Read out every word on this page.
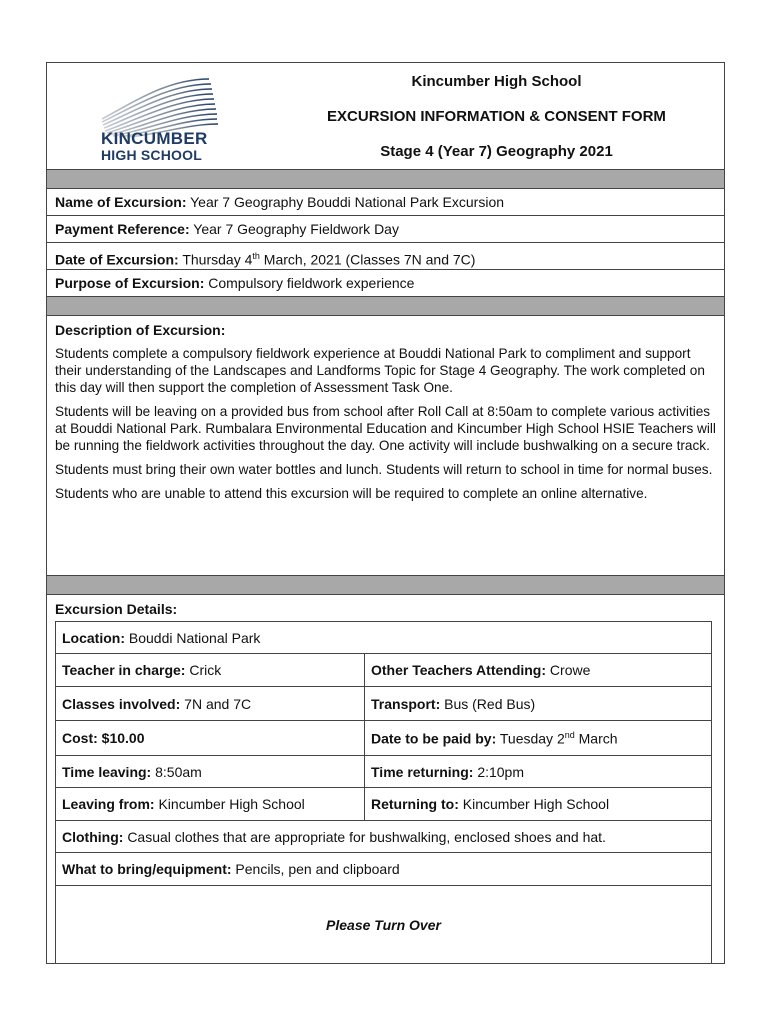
KINCUMBER
HIGH SCHOOL
Kincumber High School
EXCURSION INFORMATION & CONSENT FORM
Stage 4 (Year 7) Geography 2021
Name of Excursion: Year 7 Geography Bouddi National Park Excursion
Payment Reference: Year 7 Geography Fieldwork Day
Date of Excursion: Thursday 4th March, 2021 (Classes 7N and 7C)
Purpose of Excursion: Compulsory fieldwork experience

Description of Excursion:

Students complete a compulsory fieldwork experience at Bouddi National Park to compliment and support their understanding of the Landscapes and Landforms Topic for Stage 4 Geography. The work completed on this day will then support the completion of Assessment Task One.

Students will be leaving on a provided bus from school after Roll Call at 8:50am to complete various activities at Bouddi National Park. Rumbalara Environmental Education and Kincumber High School HSIE Teachers will be running the fieldwork activities throughout the day. One activity will include bushwalking on a secure track.

Students must bring their own water bottles and lunch. Students will return to school in time for normal buses.

Students who are unable to attend this excursion will be required to complete an online alternative.

Excursion Details:
Location: Bouddi National Park	
Teacher in charge: Crick	Other Teachers Attending: Crowe
Classes involved: 7N and 7C	Transport: Bus (Red Bus)
Cost: $10.00	Date to be paid by: Tuesday 2nd March
Time leaving: 8:50am	Time returning: 2:10pm
Leaving from: Kincumber High School	Returning to: Kincumber High School
Clothing: Casual clothes that are appropriate for bushwalking, enclosed shoes and hat.	
What to bring/equipment: Pencils, pen and clipboard	
Please Turn Over	
